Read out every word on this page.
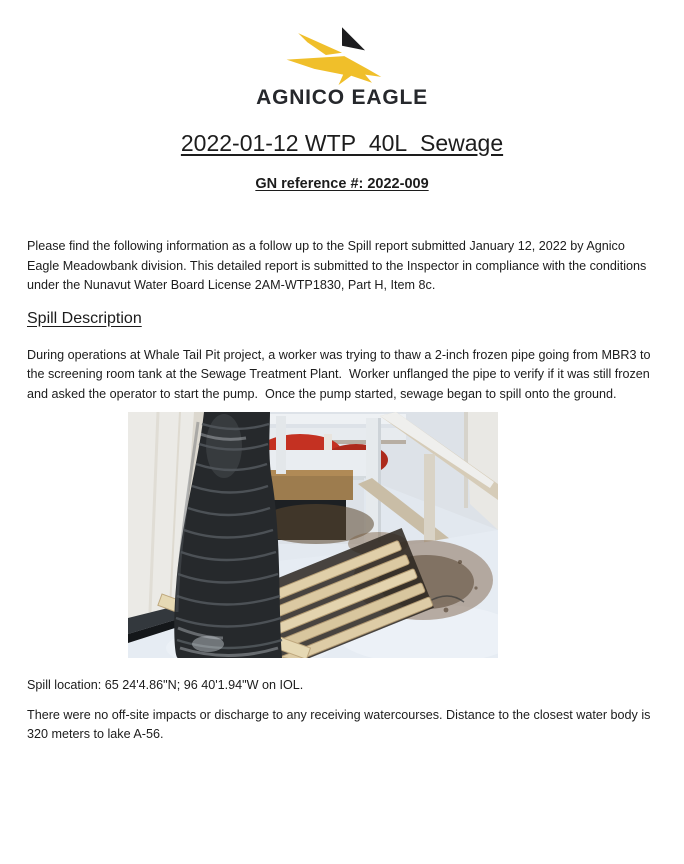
AGNICO EAGLE
2022-01-12 WTP_40L_Sewage
GN reference #: 2022-009

Please find the following information as a follow up to the Spill report submitted January 12, 2022 by Agnico Eagle Meadowbank division. This detailed report is submitted to the Inspector in compliance with the conditions under the Nunavut Water Board License 2AM-WTP1830, Part H, Item 8c.

Spill Description

During operations at Whale Tail Pit project, a worker was trying to thaw a 2-inch frozen pipe going from MBR3 to the screening room tank at the Sewage Treatment Plant.  Worker unflanged the pipe to verify if it was still frozen and asked the operator to start the pump.  Once the pump started, sewage began to spill onto the ground.

Spill location: 65 24'4.86"N; 96 40'1.94"W on IOL.

There were no off-site impacts or discharge to any receiving watercourses. Distance to the closest water body is 320 meters to lake A-56.
